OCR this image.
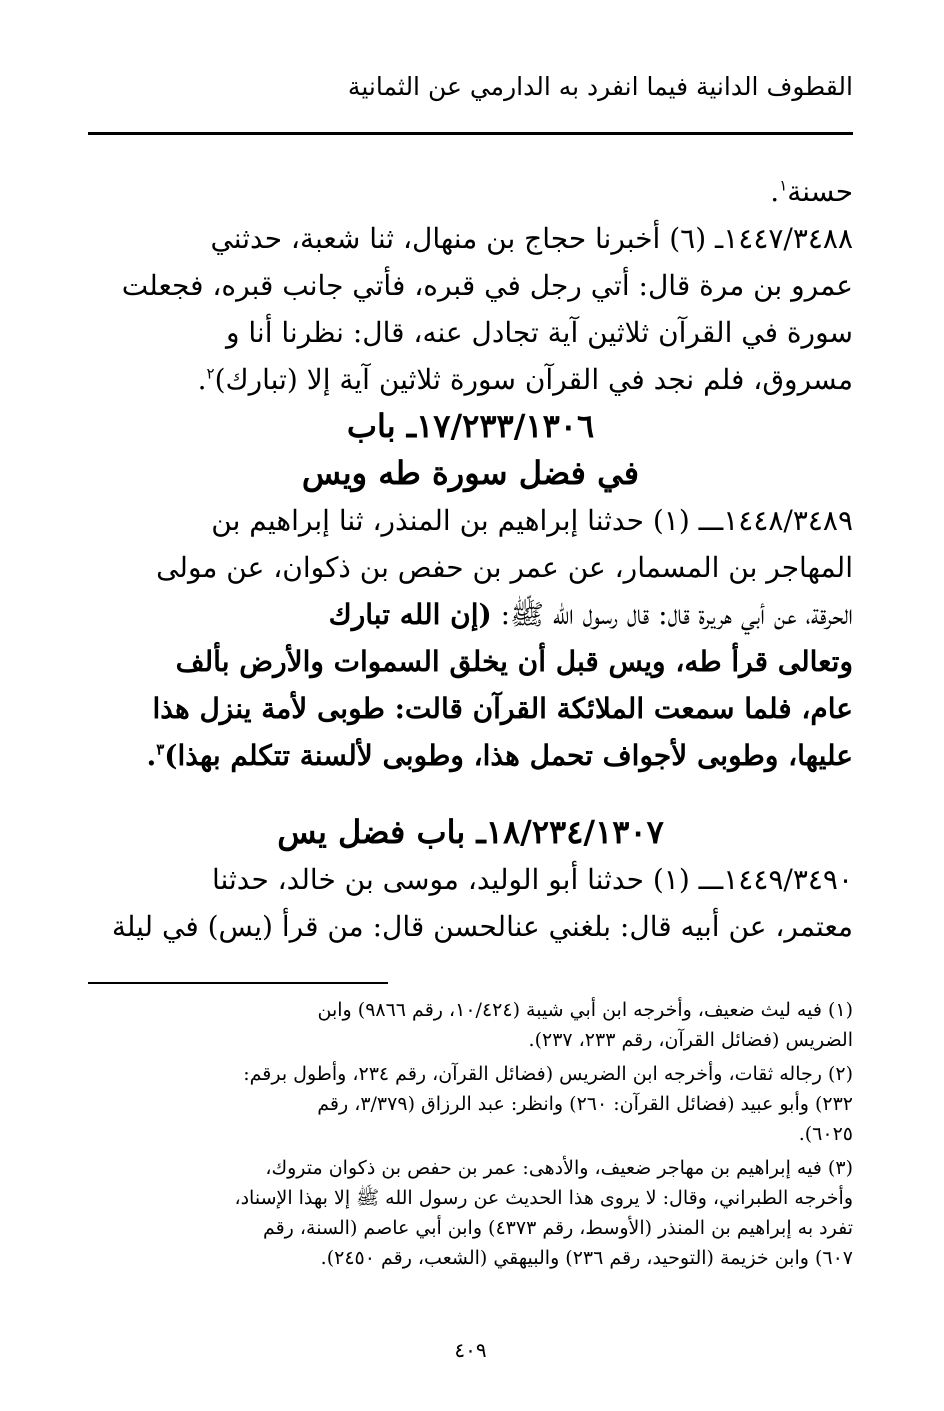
القطوف الدانية فيما انفرد به الدارمي عن الثمانية
حسنة$^١$.
١٤٤٧/٣٤٨٨ـ (٦) أخبرنا حجاج بن منهال، ثنا شعبة، حدثني
عمرو بن مرة قال: أتي رجل في قبره، فأتي جانب قبره، فجعلت
سورة في القرآن ثلاثين آية تجادل عنه، قال: نظرنا أنا و
مسروق، فلم نجد في القرآن سورة ثلاثين آية إلا (تبارك)$^٢$.
١٧/٢٣٣/١٣٠٦ـ باب
في فضل سورة طه ويس
١٤٤٨/٣٤٨٩ـــ (١) حدثنا إبراهيم بن المنذر، ثنا إبراهيم بن
المهاجر بن المسمار، عن عمر بن حفص بن ذكوان، عن مولى
الحرقة، عن أبي هريرة قال: قال رسول الله ﷺ: (إن الله تبارك
وتعالى قرأ طه، ويس قبل أن يخلق السموات والأرض بألف
عام، فلما سمعت الملائكة القرآن قالت: طوبى لأمة ينزل هذا
عليها، وطوبى لأجواف تحمل هذا، وطوبى لألسنة تتكلم بهذا)$^٣$.
١٨/٢٣٤/١٣٠٧ـ باب فضل يس
١٤٤٩/٣٤٩٠ـــ (١) حدثنا أبو الوليد، موسى بن خالد، حدثنا
معتمر، عن أبيه قال: بلغني عنالحسن قال: من قرأ (يس) في ليلة
(١) فيه ليث ضعيف، وأخرجه ابن أبي شيبة (١٠/٤٢٤، رقم ٩٨٦٦) وابن
الضريس (فضائل القرآن، رقم ٢٣٣، ٢٣٧).
(٢) رجاله ثقات، وأخرجه ابن الضريس (فضائل القرآن، رقم ٢٣٤، وأطول برقم:
٢٣٢) وأبو عبيد (فضائل القرآن: ٢٦٠) وانظر: عبد الرزاق (٣/٣٧٩، رقم
٦٠٢٥).
(٣) فيه إبراهيم بن مهاجر ضعيف، والأدهى: عمر بن حفص بن ذكوان متروك،
وأخرجه الطبراني، وقال: لا يروى هذا الحديث عن رسول الله ﷺ إلا بهذا الإسناد،
تفرد به إبراهيم بن المنذر (الأوسط، رقم ٤٣٧٣) وابن أبي عاصم (السنة، رقم
٦٠٧) وابن خزيمة (التوحيد، رقم ٢٣٦) والبيهقي (الشعب، رقم ٢٤٥٠).
٤٠٩
